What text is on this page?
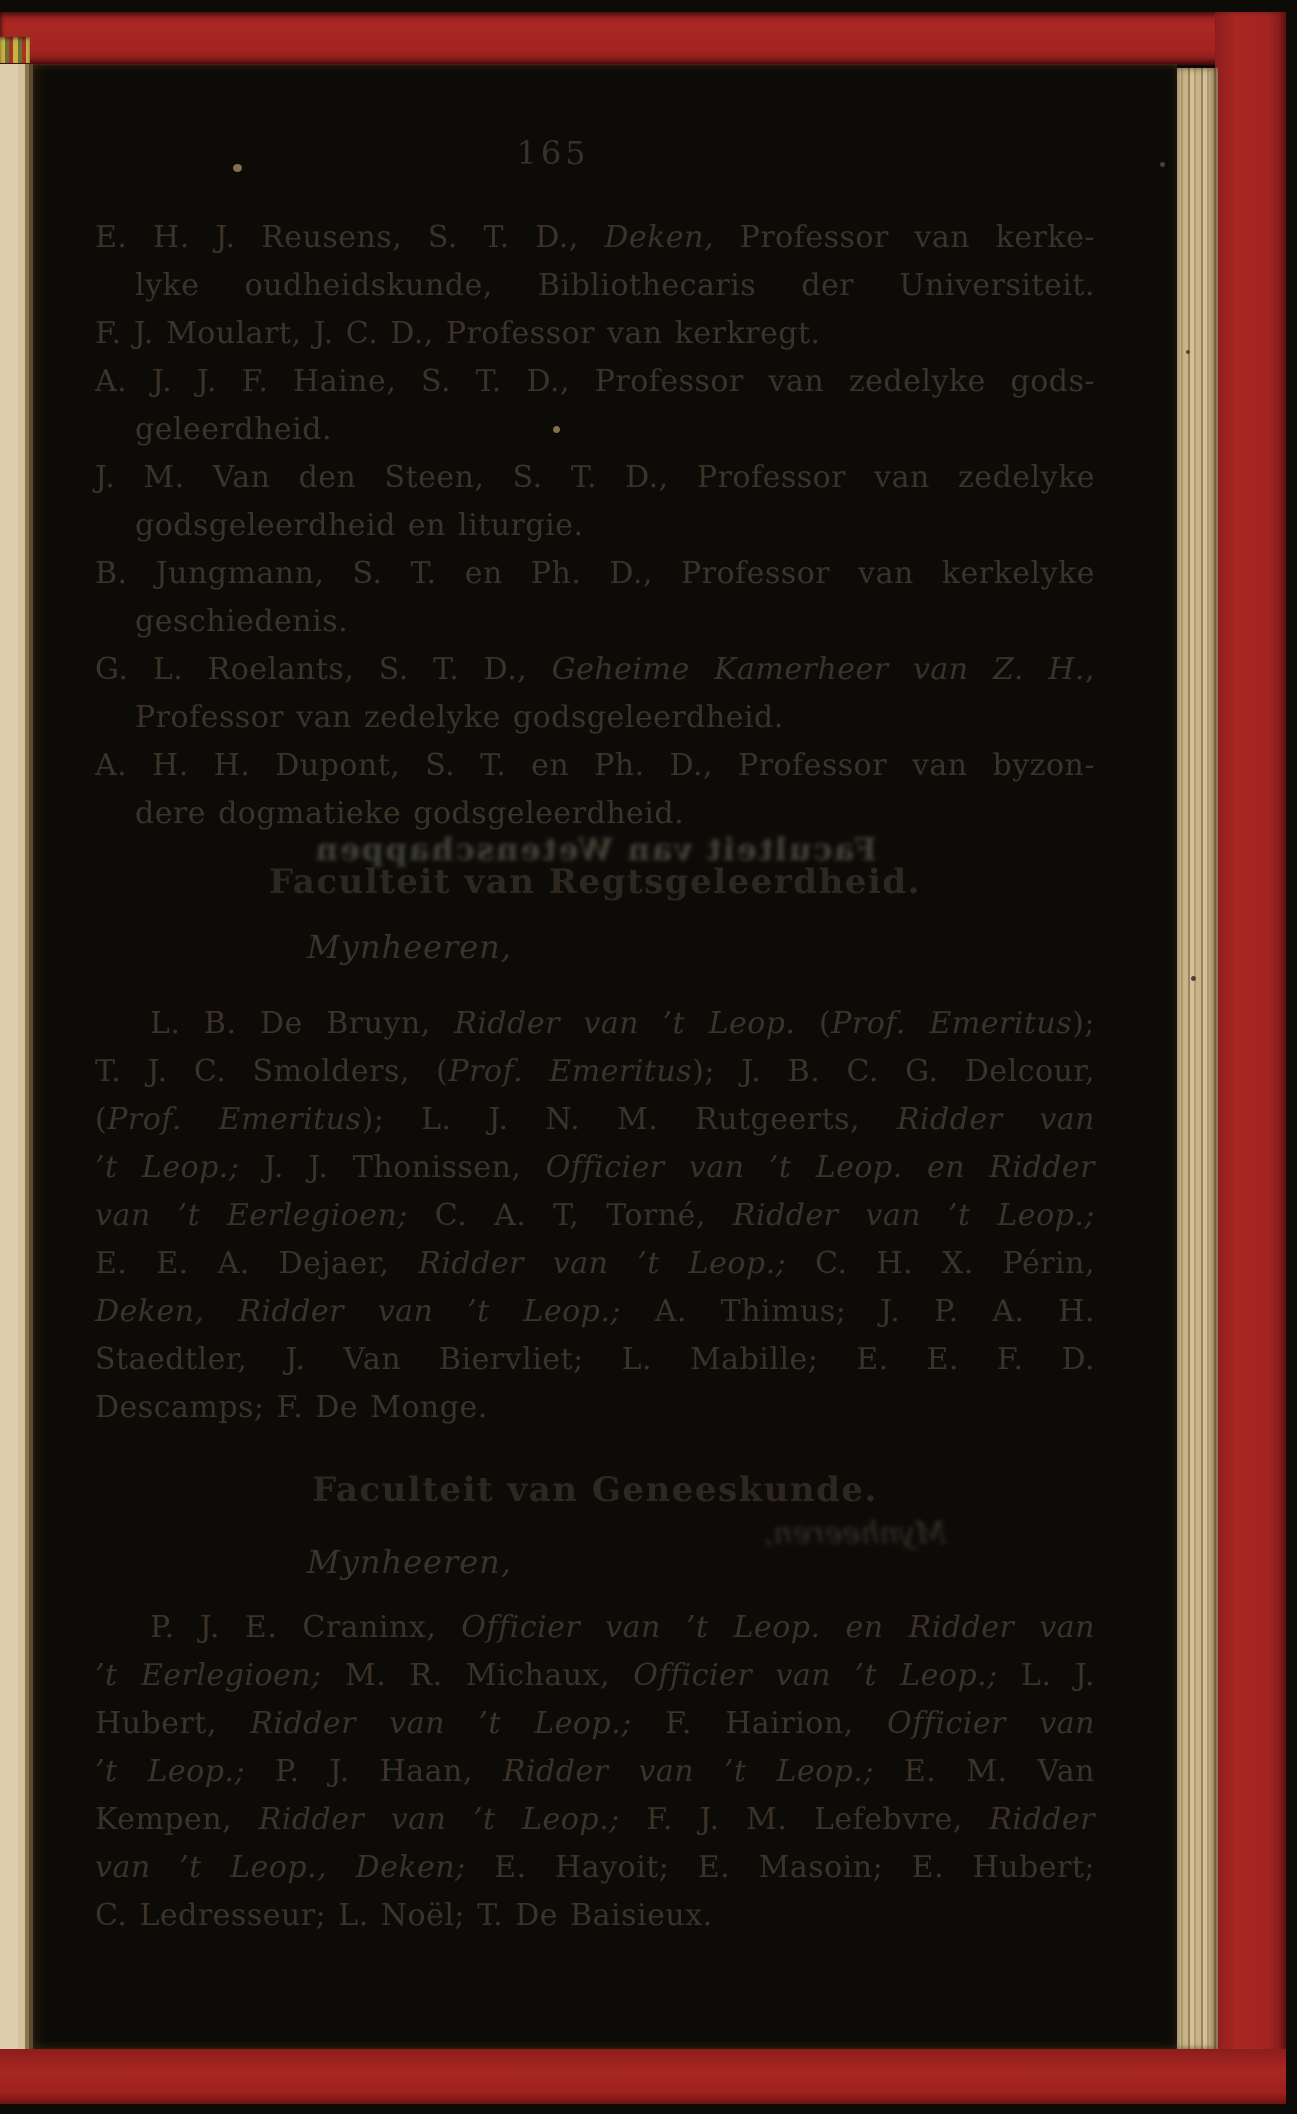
165
E. H. J. Reusens, S. T. D., Deken, Professor van kerke-
lyke oudheidskunde, Bibliothecaris der Universiteit.
F. J. Moulart, J. C. D., Professor van kerkregt.
A. J. J. F. Haine, S. T. D., Professor van zedelyke gods-
geleerdheid.
J. M. Van den Steen, S. T. D., Professor van zedelyke
godsgeleerdheid en liturgie.
B. Jungmann, S. T. en Ph. D., Professor van kerkelyke
geschiedenis.
G. L. Roelants, S. T. D., Geheime Kamerheer van Z. H.,
Professor van zedelyke godsgeleerdheid.
A. H. H. Dupont, S. T. en Ph. D., Professor van byzon-
dere dogmatieke godsgeleerdheid.
Faculteit van Regtsgeleerdheid.
Mynheeren,
L. B. De Bruyn, Ridder van ’t Leop. (Prof. Emeritus);
T. J. C. Smolders, (Prof. Emeritus); J. B. C. G. Delcour,
(Prof. Emeritus); L. J. N. M. Rutgeerts, Ridder van
’t Leop.; J. J. Thonissen, Officier van ’t Leop. en Ridder
van ’t Eerlegioen; C. A. T, Torné, Ridder van ’t Leop.;
E. E. A. Dejaer, Ridder van ’t Leop.; C. H. X. Périn,
Deken, Ridder van ’t Leop.; A. Thimus; J. P. A. H.
Staedtler, J. Van Biervliet; L. Mabille; E. E. F. D.
Descamps; F. De Monge.
Faculteit van Geneeskunde.
Mynheeren,
P. J. E. Craninx, Officier van ’t Leop. en Ridder van
’t Eerlegioen; M. R. Michaux, Officier van ’t Leop.; L. J.
Hubert, Ridder van ’t Leop.; F. Hairion, Officier van
’t Leop.; P. J. Haan, Ridder van ’t Leop.; E. M. Van
Kempen, Ridder van ’t Leop.; F. J. M. Lefebvre, Ridder
van ’t Leop., Deken; E. Hayoit; E. Masoin; E. Hubert;
C. Ledresseur; L. Noël; T. De Baisieux.
Faculteit van Wetenschappen
Mynheeren,
